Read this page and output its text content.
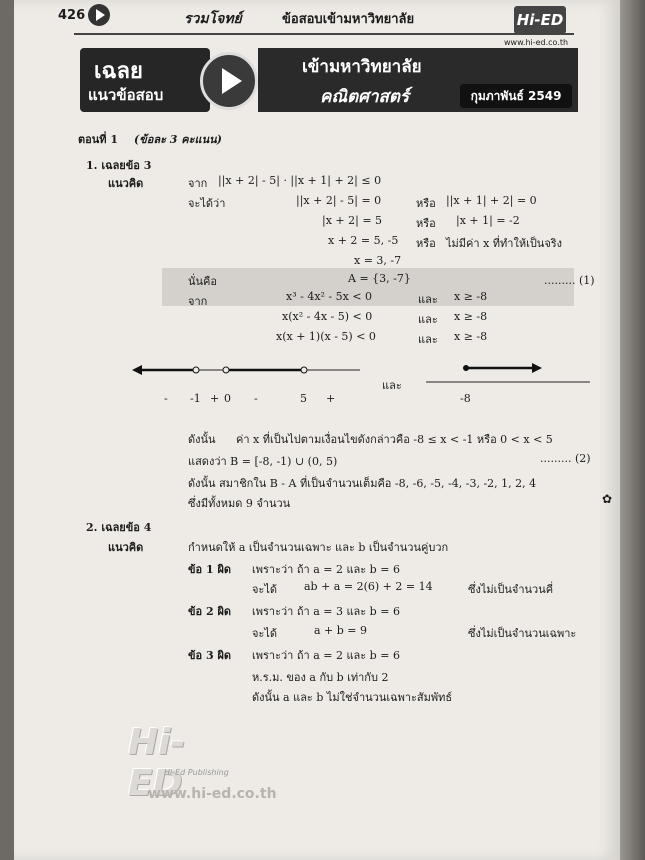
426	รวมโจทย์	ข้อสอบเข้ามหาวิทยาลัย	Hi-ED
www.hi-ed.co.th
เฉลย
แนวข้อสอบ
เข้ามหาวิทยาลัย
คณิตศาสตร์	กุมภาพันธ์ 2549
ตอนที่ 1 (ข้อละ 3 คะแนน)
1. เฉลยข้อ 3
แนวคิด	จาก ||x + 2| - 5| · ||x + 1| + 2| ≤ 0
จะได้ว่า	||x + 2| - 5| = 0	หรือ ||x + 1| + 2| = 0
|x + 2| = 5	หรือ |x + 1| = -2
x + 2 = 5, -5 หรือ ไม่มีค่า x ที่ทำให้เป็นจริง
x = 3, -7
นั่นคือ	A = {3, -7}	......... (1)
จาก	x³ - 4x² - 5x < 0	และ x ≥ -8
x(x² - 4x - 5) < 0	และ x ≥ -8
x(x + 1)(x - 5) < 0	และ x ≥ -8
- -1 + 0 -	5 +
และ
-8
ดังนั้น ค่า x ที่เป็นไปตามเงื่อนไขดังกล่าวคือ -8 ≤ x < -1 หรือ 0 < x < 5
แสดงว่า B = [-8, -1) ∪ (0, 5)	......... (2)
ดังนั้น สมาชิกใน B - A ที่เป็นจำนวนเต็มคือ -8, -6, -5, -4, -3, -2, 1, 2, 4
ซึ่งมีทั้งหมด 9 จำนวน	✿
2. เฉลยข้อ 4
แนวคิด	กำหนดให้ a เป็นจำนวนเฉพาะ และ b เป็นจำนวนคู่บวก
ข้อ 1 ผิด เพราะว่า ถ้า a = 2 และ b = 6
จะได้ ab + a = 2(6) + 2 = 14	ซึ่งไม่เป็นจำนวนคี่
ข้อ 2 ผิด เพราะว่า ถ้า a = 3 และ b = 6
จะได้	a + b = 9	ซึ่งไม่เป็นจำนวนเฉพาะ
ข้อ 3 ผิด เพราะว่า ถ้า a = 2 และ b = 6
ห.ร.ม. ของ a กับ b เท่ากับ 2
ดังนั้น a และ b ไม่ใช่จำนวนเฉพาะสัมพัทธ์
Hi-ED
Hi-Ed Publishing
www.hi-ed.co.th
